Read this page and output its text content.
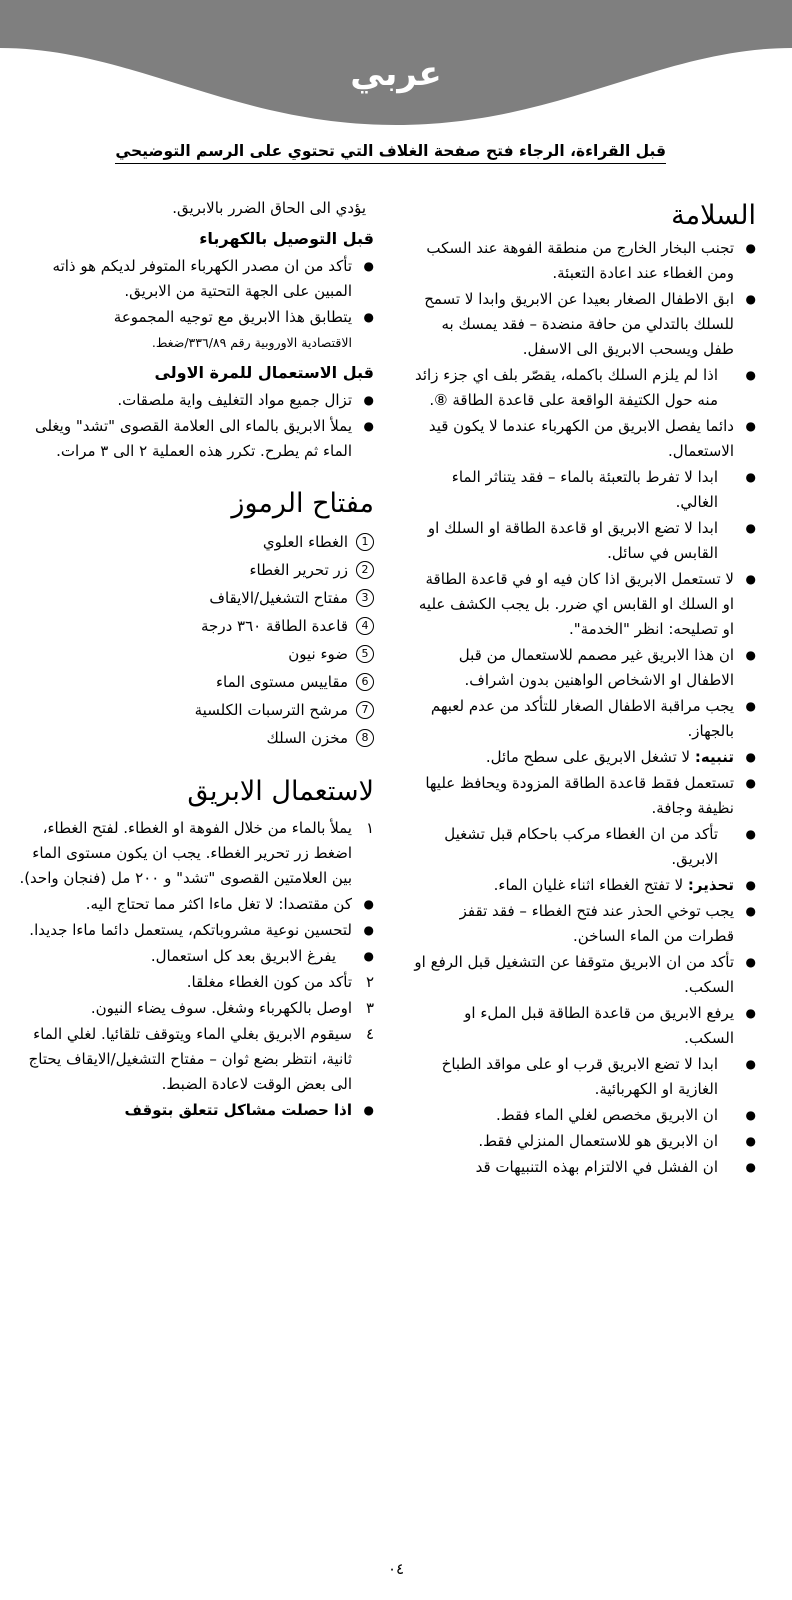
عربي
قبل القراءة، الرجاء فتح صفحة الغلاف التي تحتوي على الرسم التوضيحي
السلامة
● تجنب البخار الخارج من منطقة الفوهة عند السكب ومن الغطاء عند اعادة التعبئة.
● ابق الاطفال الصغار بعيدا عن الابريق وابدا لا تسمح للسلك بالتدلي من حافة منضدة – فقد يمسك به طفل ويسحب الابريق الى الاسفل.
● اذا لم يلزم السلك باكمله، يقصّر بلف اي جزء زائد منه حول الكتيفة الواقعة على قاعدة الطاقة ⑧.
● دائما يفصل الابريق من الكهرباء عندما لا يكون قيد الاستعمال.
● ابدا لا تفرط بالتعبئة بالماء – فقد يتناثر الماء الغالي.
● ابدا لا تضع الابريق او قاعدة الطاقة او السلك او القابس في سائل.
● لا تستعمل الابريق اذا كان فيه او في قاعدة الطاقة او السلك او القابس اي ضرر. بل يجب الكشف عليه او تصليحه: انظر "الخدمة".
● ان هذا الابريق غير مصمم للاستعمال من قبل الاطفال او الاشخاص الواهنين بدون اشراف.
● يجب مراقبة الاطفال الصغار للتأكد من عدم لعبهم بالجهاز.
● تنبيه: لا تشغل الابريق على سطح مائل.
● تستعمل فقط قاعدة الطاقة المزودة ويحافظ عليها نظيفة وجافة.
● تأكد من ان الغطاء مركب باحكام قبل تشغيل الابريق.
● تحذير: لا تفتح الغطاء اثناء غليان الماء.
● يجب توخي الحذر عند فتح الغطاء – فقد تقفز قطرات من الماء الساخن.
● تأكد من ان الابريق متوقفا عن التشغيل قبل الرفع او السكب.
● يرفع الابريق من قاعدة الطاقة قبل الملء او السكب.
● ابدا لا تضع الابريق قرب او على مواقد الطباخ الغازية او الكهربائية.
● ان الابريق مخصص لغلي الماء فقط.
● ان الابريق هو للاستعمال المنزلي فقط.
● ان الفشل في الالتزام بهذه التنبيهات قد
يؤدي الى الحاق الضرر بالابريق.
قبل التوصيل بالكهرباء
● تأكد من ان مصدر الكهرباء المتوفر لديكم هو ذاته المبين على الجهة التحتية من الابريق.
● يتطابق هذا الابريق مع توجيه المجموعة
الاقتصادية الاوروبية رقم ٣٣٦/٨٩/ضغط.
قبل الاستعمال للمرة الاولى
● تزال جميع مواد التغليف واية ملصقات.
● يملأ الابريق بالماء الى العلامة القصوى "تشد" ويغلى الماء ثم يطرح. تكرر هذه العملية ٢ الى ٣ مرات.
مفتاح الرموز
1
الغطاء العلوي
2
زر تحرير الغطاء
3
مفتاح التشغيل/الايقاف
4
قاعدة الطاقة ٣٦٠ درجة
5
ضوء نيون
6
مقاييس مستوى الماء
7
مرشح الترسبات الكلسية
8
مخزن السلك
لاستعمال الابريق
١
يملأ بالماء من خلال الفوهة او الغطاء. لفتح الغطاء، اضغط زر تحرير الغطاء. يجب ان يكون مستوى الماء بين العلامتين القصوى "تشد" و ٢٠٠ مل (فنجان واحد).
● كن مقتصدا: لا تغل ماءا اكثر مما تحتاج اليه.
● لتحسين نوعية مشروباتكم، يستعمل دائما ماءا جديدا.
● يفرغ الابريق بعد كل استعمال.
٢
تأكد من كون الغطاء مغلقا.
٣
اوصل بالكهرباء وشغل. سوف يضاء النيون.
٤
سيقوم الابريق بغلي الماء ويتوقف تلقائيا. لغلي الماء ثانية، انتظر بضع ثوان – مفتاح التشغيل/الايقاف يحتاج الى بعض الوقت لاعادة الضبط.
● اذا حصلت مشاكل تتعلق بتوقف
٠٤
